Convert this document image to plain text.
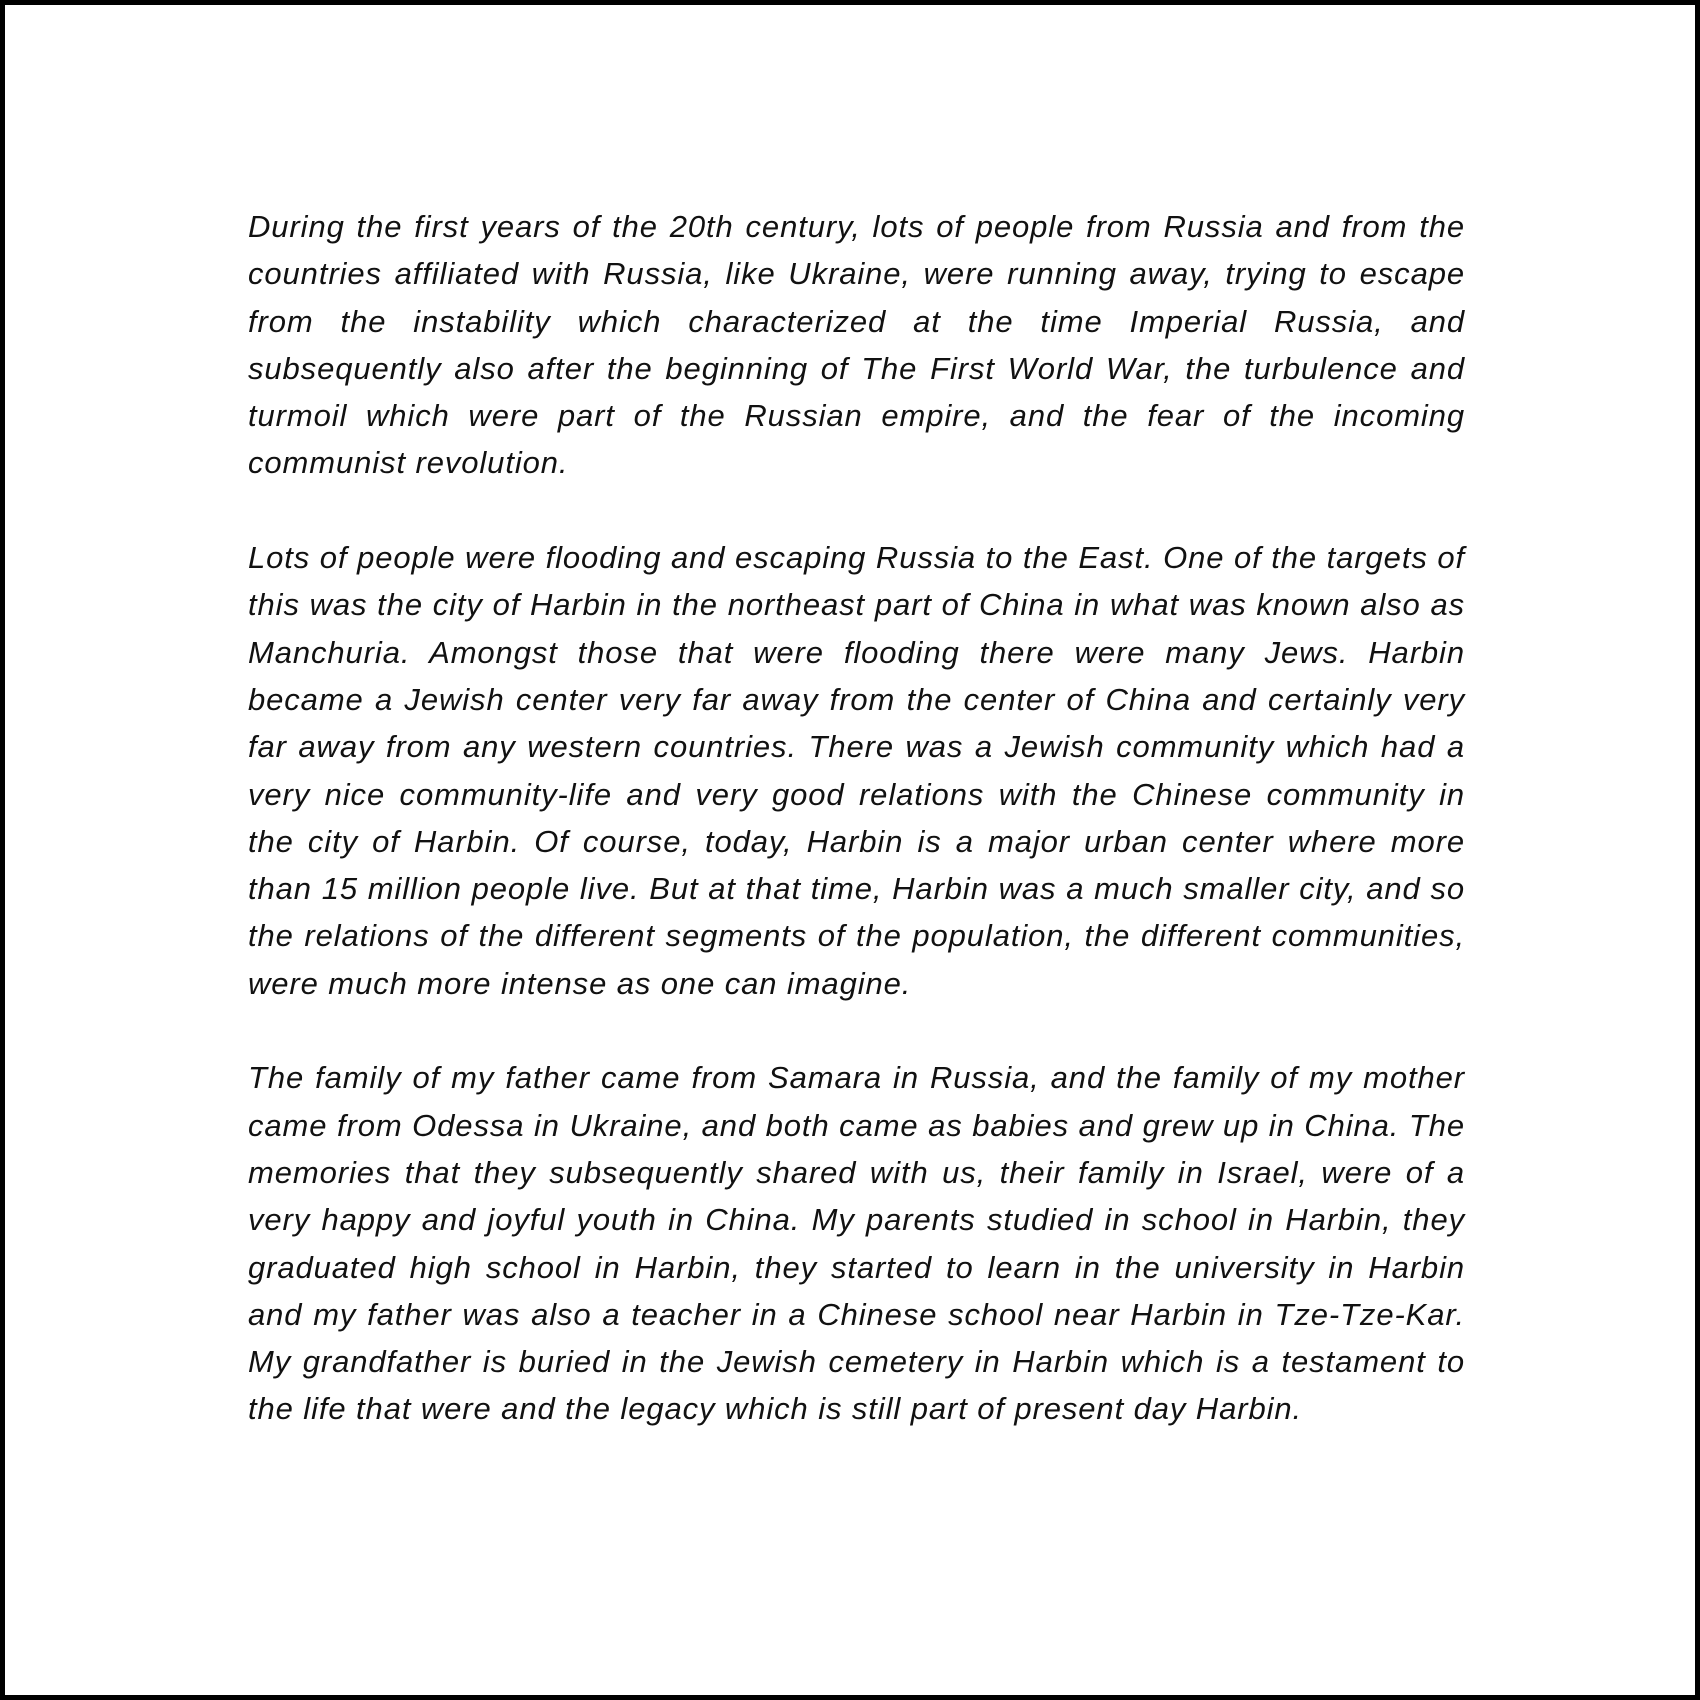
During the first years of the 20th century, lots of people from Russia and from the countries affiliated with Russia, like Ukraine, were running away, trying to escape from the instability which characterized at the time Imperial Russia, and subsequently also after the beginning of The First World War, the turbulence and turmoil which were part of the Russian empire, and the fear of the incoming communist revolution.

Lots of people were flooding and escaping Russia to the East. One of the targets of this was the city of Harbin in the northeast part of China in what was known also as Manchuria. Amongst those that were flooding there were many Jews. Harbin became a Jewish center very far away from the center of China and certainly very far away from any western countries. There was a Jewish community which had a very nice community-life and very good relations with the Chinese community in the city of Harbin. Of course, today, Harbin is a major urban center where more than 15 million people live. But at that time, Harbin was a much smaller city, and so the relations of the different segments of the population, the different communities, were much more intense as one can imagine.

The family of my father came from Samara in Russia, and the family of my mother came from Odessa in Ukraine, and both came as babies and grew up in China. The memories that they subsequently shared with us, their family in Israel, were of a very happy and joyful youth in China. My parents studied in school in Harbin, they graduated high school in Harbin, they started to learn in the university in Harbin and my father was also a teacher in a Chinese school near Harbin in Tze-Tze-Kar. My grandfather is buried in the Jewish cemetery in Harbin which is a testament to the life that were and the legacy which is still part of present day Harbin.
